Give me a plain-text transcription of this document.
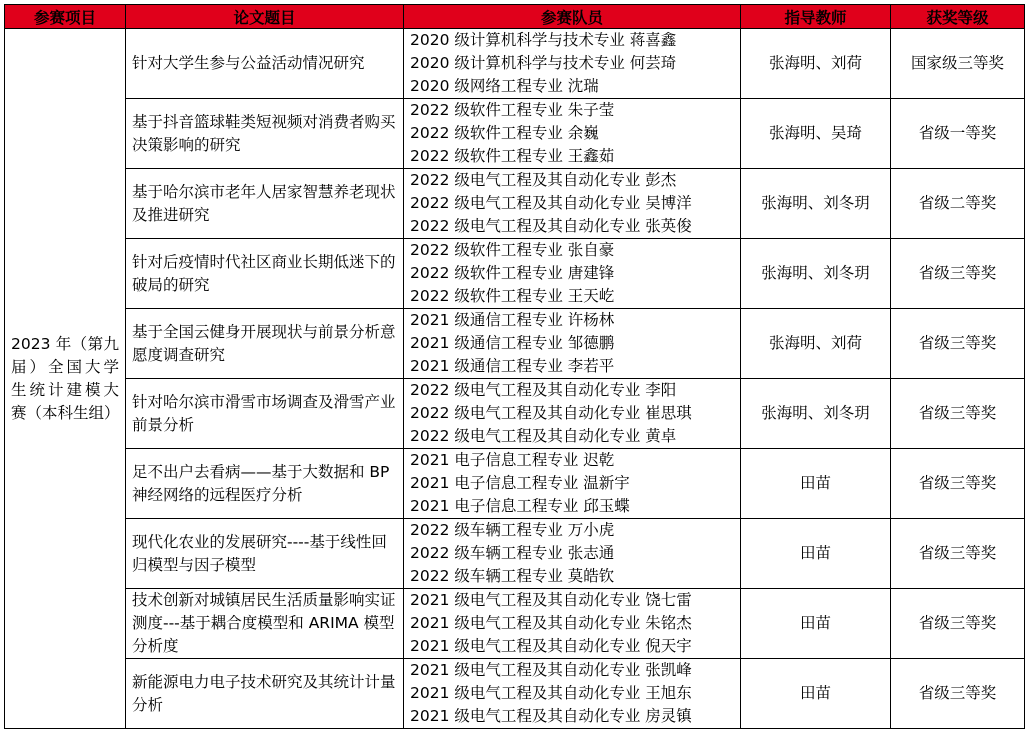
参赛项目	论文题目	参赛队员	指导教师	获奖等级
2023 年（第九届）全国大学生统计建模大赛（本科生组）	针对大学生参与公益活动情况研究	2020 级计算机科学与技术专业 蒋喜鑫
2020 级计算机科学与技术专业 何芸琦
2020 级网络工程专业 沈瑞	张海明、刘荷	国家级三等奖
	基于抖音篮球鞋类短视频对消费者购买决策影响的研究	2022 级软件工程专业 朱子莹
2022 级软件工程专业 余巍
2022 级软件工程专业 王鑫茹	张海明、吴琦	省级一等奖
	基于哈尔滨市老年人居家智慧养老现状及推进研究	2022 级电气工程及其自动化专业 彭杰
2022 级电气工程及其自动化专业 吴博洋
2022 级电气工程及其自动化专业 张英俊	张海明、刘冬玥	省级二等奖
	针对后疫情时代社区商业长期低迷下的破局的研究	2022 级软件工程专业 张自豪
2022 级软件工程专业 唐建锋
2022 级软件工程专业 王天屹	张海明、刘冬玥	省级三等奖
	基于全国云健身开展现状与前景分析意愿度调查研究	2021 级通信工程专业 许杨林
2021 级通信工程专业 邹德鹏
2021 级通信工程专业 李若平	张海明、刘荷	省级三等奖
	针对哈尔滨市滑雪市场调查及滑雪产业前景分析	2022 级电气工程及其自动化专业 李阳
2022 级电气工程及其自动化专业 崔思琪
2022 级电气工程及其自动化专业 黄卓	张海明、刘冬玥	省级三等奖
	足不出户去看病——基于大数据和 BP 神经网络的远程医疗分析	2021 电子信息工程专业 迟乾
2021 电子信息工程专业 温新宇
2021 电子信息工程专业 邱玉蝶	田苗	省级三等奖
	现代化农业的发展研究----基于线性回归模型与因子模型	2022 级车辆工程专业 万小虎
2022 级车辆工程专业 张志通
2022 级车辆工程专业 莫皓钦	田苗	省级三等奖
	技术创新对城镇居民生活质量影响实证测度---基于耦合度模型和 ARIMA 模型分析度	2021 级电气工程及其自动化专业 饶七雷
2021 级电气工程及其自动化专业 朱铭杰
2021 级电气工程及其自动化专业 倪天宇	田苗	省级三等奖
	新能源电力电子技术研究及其统计计量分析	2021 级电气工程及其自动化专业 张凯峰
2021 级电气工程及其自动化专业 王旭东
2021 级电气工程及其自动化专业 房灵镇	田苗	省级三等奖
